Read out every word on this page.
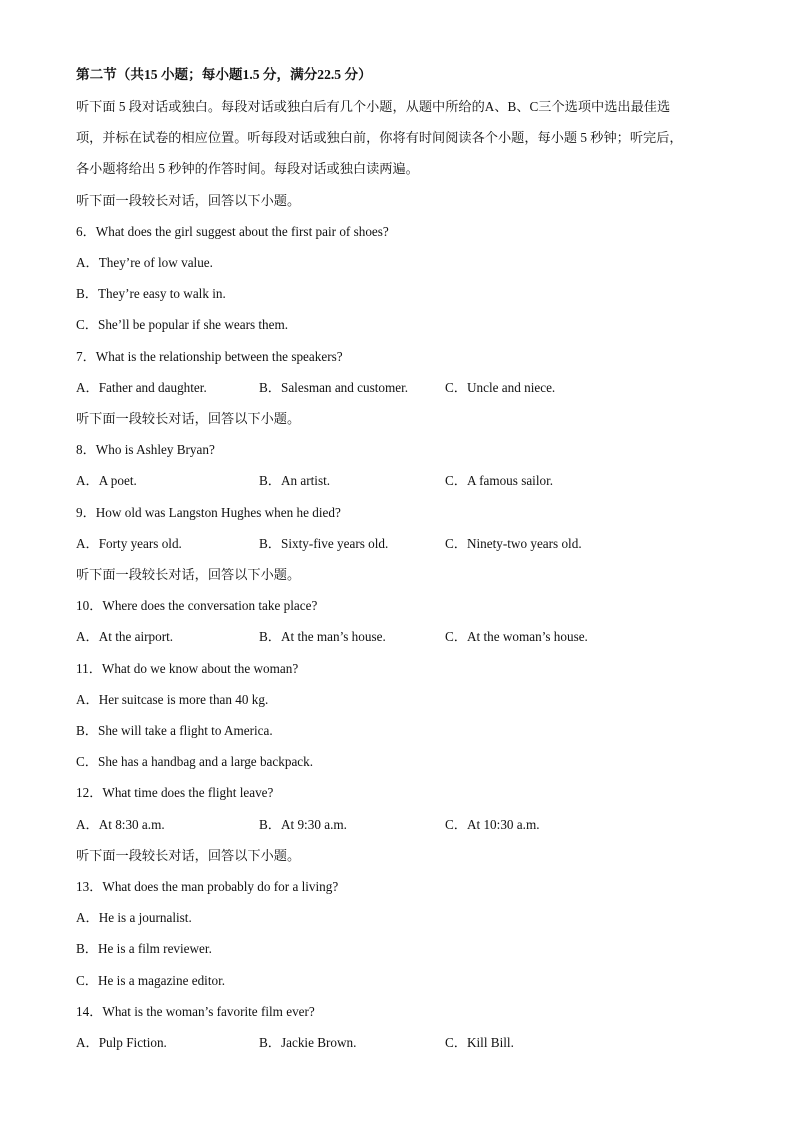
第二节（共15 小题；每小题1.5 分，满分22.5 分）
听下面 5 段对话或独白。每段对话或独白后有几个小题，从题中所给的A、B、C三个选项中选出最佳选
项，并标在试卷的相应位置。听每段对话或独白前，你将有时间阅读各个小题，每小题 5 秒钟；听完后，
各小题将给出 5 秒钟的作答时间。每段对话或独白读两遍。
听下面一段较长对话，回答以下小题。
6．What does the girl suggest about the first pair of shoes?
A．They’re of low value.
B．They’re easy to walk in.
C．She’ll be popular if she wears them.
7．What is the relationship between the speakers?
A．Father and daughter.	B．Salesman and customer.	C．Uncle and niece.
听下面一段较长对话，回答以下小题。
8．Who is Ashley Bryan?
A．A poet.	B．An artist.	C．A famous sailor.
9．How old was Langston Hughes when he died?
A．Forty years old.	B．Sixty-five years old.	C．Ninety-two years old.
听下面一段较长对话，回答以下小题。
10．Where does the conversation take place?
A．At the airport.	B．At the man’s house.	C．At the woman’s house.
11．What do we know about the woman?
A．Her suitcase is more than 40 kg.
B．She will take a flight to America.
C．She has a handbag and a large backpack.
12．What time does the flight leave?
A．At 8:30 a.m.	B．At 9:30 a.m.	C．At 10:30 a.m.
听下面一段较长对话，回答以下小题。
13．What does the man probably do for a living?
A．He is a journalist.
B．He is a film reviewer.
C．He is a magazine editor.
14．What is the woman’s favorite film ever?
A．Pulp Fiction.	B．Jackie Brown.	C．Kill Bill.
